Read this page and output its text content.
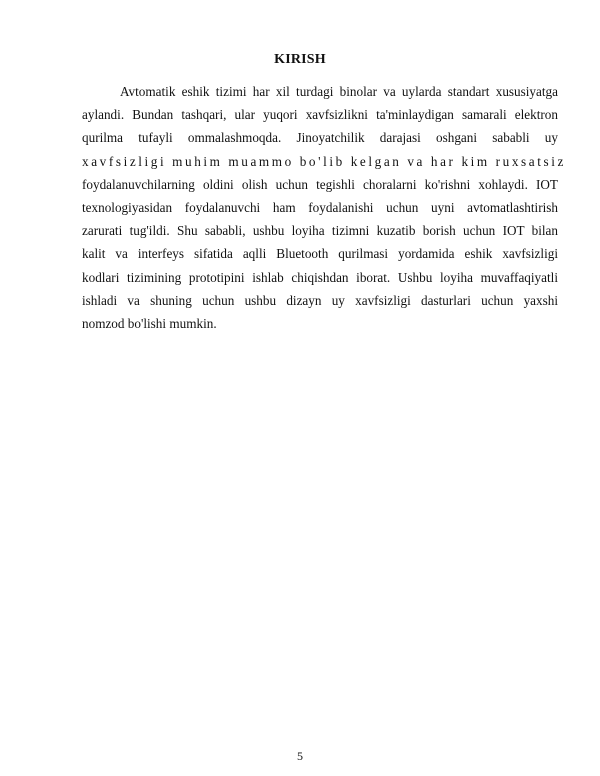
KIRISH
Avtomatik eshik tizimi har xil turdagi binolar va uylarda standart xususiyatga
aylandi. Bundan tashqari, ular yuqori xavfsizlikni ta'minlaydigan samarali elektron
qurilma tufayli ommalashmoqda. Jinoyatchilik darajasi oshgani sababli uy
xavfsizligi muhim muammo bo'lib kelgan va har kim ruxsatsiz
foydalanuvchilarning oldini olish uchun tegishli choralarni ko'rishni xohlaydi. IOT
texnologiyasidan foydalanuvchi ham foydalanishi uchun uyni avtomatlashtirish
zarurati tug'ildi. Shu sababli, ushbu loyiha tizimni kuzatib borish uchun IOT bilan
kalit va interfeys sifatida aqlli Bluetooth qurilmasi yordamida eshik xavfsizligi
kodlari tizimining prototipini ishlab chiqishdan iborat. Ushbu loyiha muvaffaqiyatli
ishladi va shuning uchun ushbu dizayn uy xavfsizligi dasturlari uchun yaxshi
nomzod bo'lishi mumkin.
5
